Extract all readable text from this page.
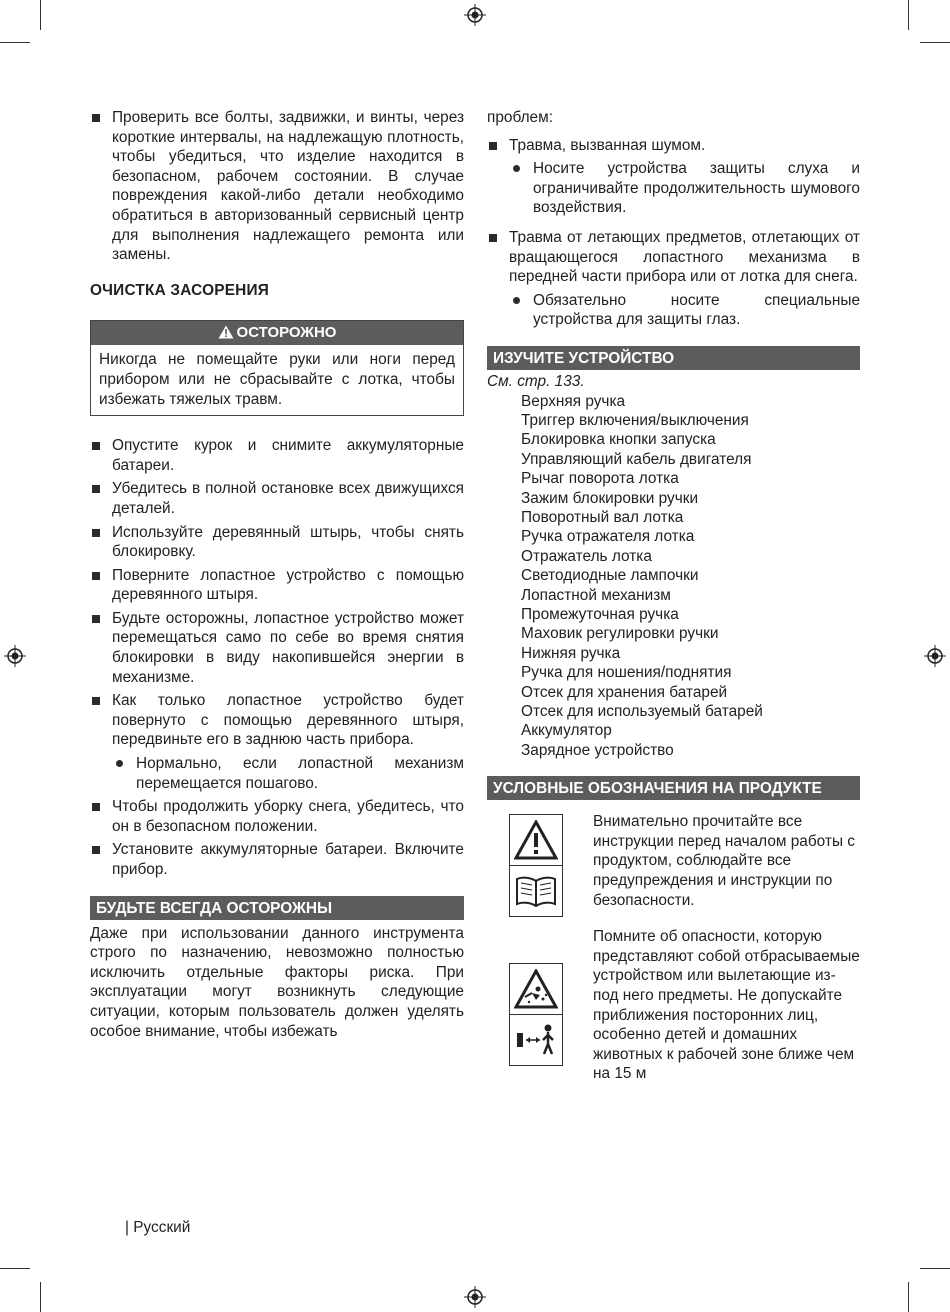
Проверить все болты, задвижки, и винты, через короткие интервалы, на надлежащую плотность, чтобы убедиться, что изделие находится в безопасном, рабочем состоянии. В случае повреждения какой-либо детали необходимо обратиться в авторизованный сервисный центр для выполнения надлежащего ремонта или замены.
ОЧИСТКА ЗАСОРЕНИЯ
ОСТОРОЖНО
Никогда не помещайте руки или ноги перед прибором или не сбрасывайте с лотка, чтобы избежать тяжелых травм.
Опустите курок и снимите аккумуляторные батареи.
Убедитесь в полной остановке всех движущихся деталей.
Используйте деревянный штырь, чтобы снять блокировку.
Поверните лопастное устройство с помощью деревянного штыря.
Будьте осторожны, лопастное устройство может перемещаться само по себе во время снятия блокировки в виду накопившейся энергии в механизме.
Как только лопастное устройство будет повернуто с помощью деревянного штыря, передвиньте его в заднюю часть прибора.
Нормально, если лопастной механизм перемещается пошагово.
Чтобы продолжить уборку снега, убедитесь, что он в безопасном положении.
Установите аккумуляторные батареи. Включите прибор.
БУДЬТЕ ВСЕГДА ОСТОРОЖНЫ

Даже при использовании данного инструмента строго по назначению, невозможно полностью исключить отдельные факторы риска. При эксплуатации могут возникнуть следующие ситуации, которым пользователь должен уделять особое внимание, чтобы избежать

проблем:

Травма, вызванная шумом.
Носите устройства защиты слуха и ограничивайте продолжительность шумового воздействия.
Травма от летающих предметов, отлетающих от вращающегося лопастного механизма в передней части прибора или от лотка для снега.
Обязательно носите специальные устройства для защиты глаз.
ИЗУЧИТЕ УСТРОЙСТВО

См. стр. 133.

Верхняя ручка
Триггер включения/выключения
Блокировка кнопки запуска
Управляющий кабель двигателя
Рычаг поворота лотка
Зажим блокировки ручки
Поворотный вал лотка
Ручка отражателя лотка
Отражатель лотка
Светодиодные лампочки
Лопастной механизм
Промежуточная ручка
Маховик регулировки ручки
Нижняя ручка
Ручка для ношения/поднятия
Отсек для хранения батарей
Отсек для используемый батарей
Аккумулятор
Зарядное устройство
УСЛОВНЫЕ ОБОЗНАЧЕНИЯ НА ПРОДУКТЕ

Внимательно прочитайте все инструкции перед началом работы с продуктом, соблюдайте все предупреждения и инструкции по безопасности.

Помните об опасности, которую представляют собой отбрасываемые устройством или вылетающие из-под него предметы. Не допускайте приближения посторонних лиц, особенно детей и домашних животных к рабочей зоне ближе чем на 15 м

| Русский
